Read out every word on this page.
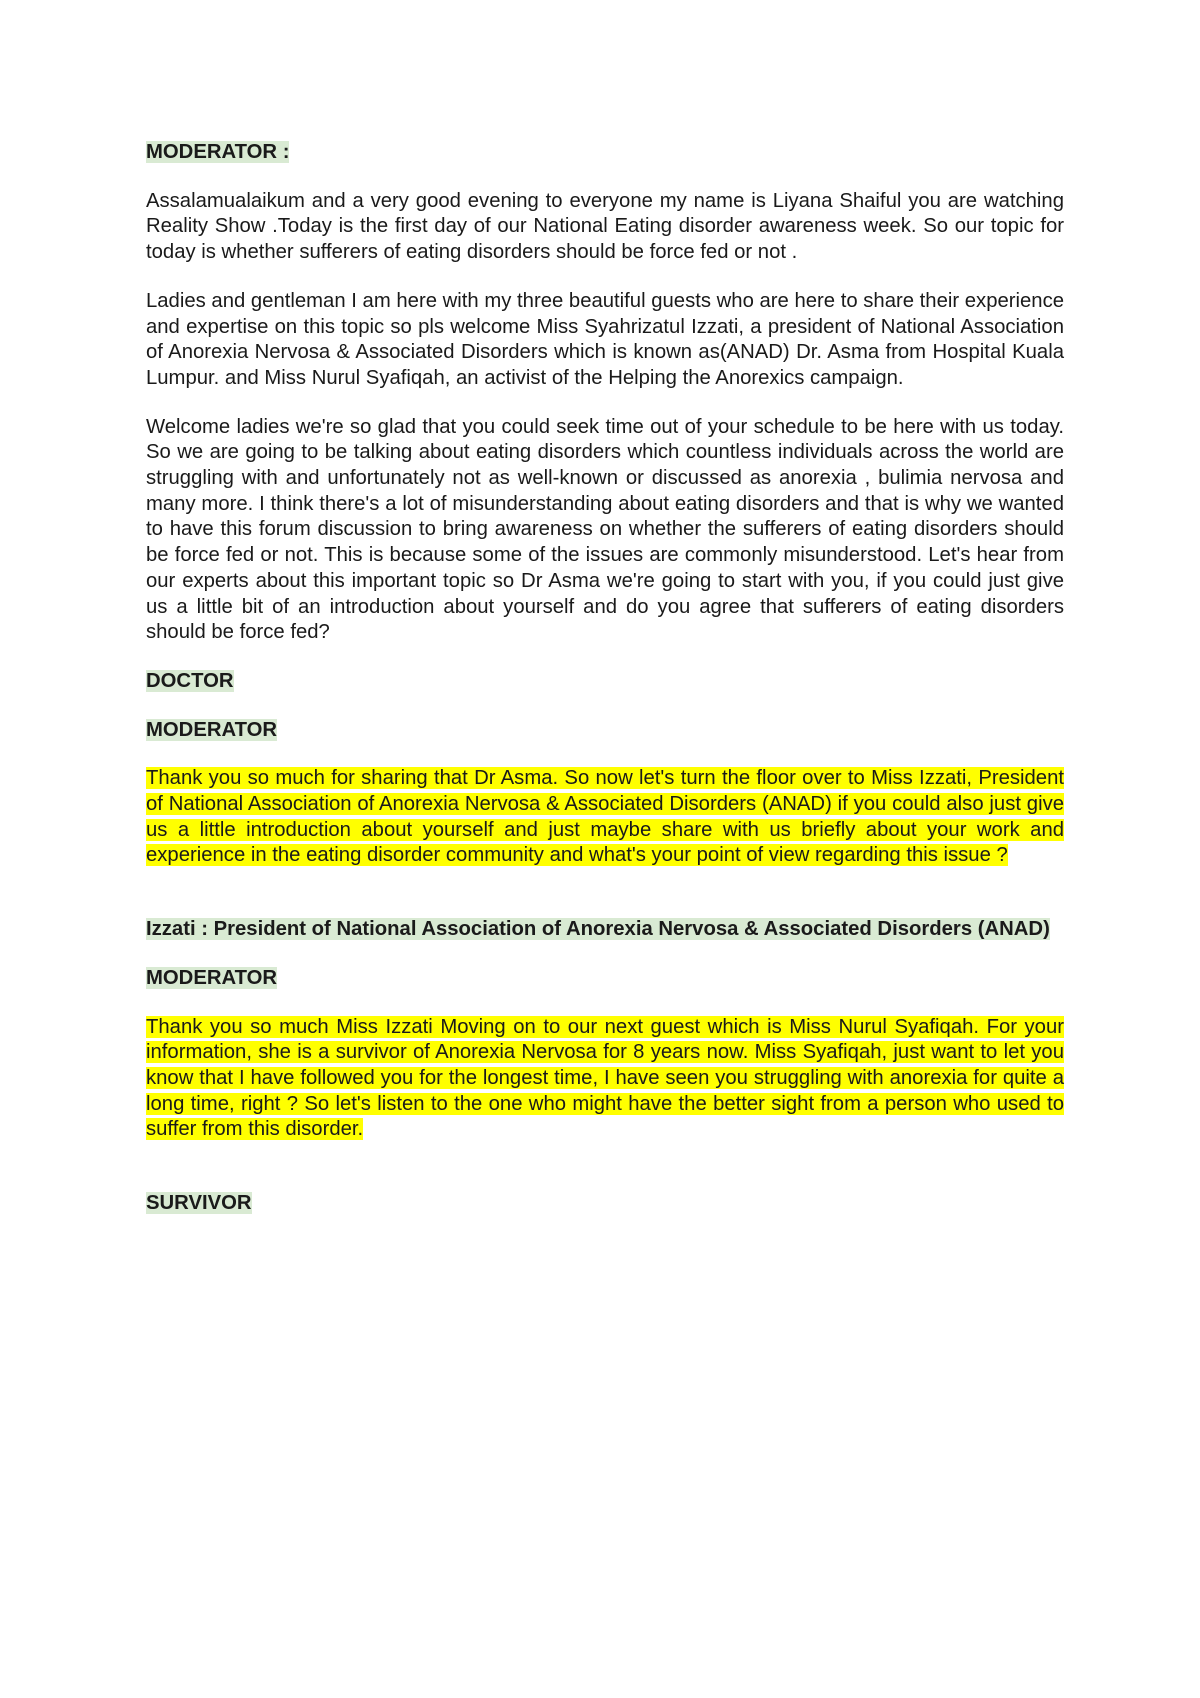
MODERATOR :

Assalamualaikum and a very good evening to everyone my name is Liyana Shaiful you are watching Reality Show .Today is the first day of our National Eating disorder awareness week. So our topic for today is whether sufferers of eating disorders should be force fed or not .

Ladies and gentleman I am here with my three beautiful guests who are here to share their experience and expertise on this topic so pls welcome Miss Syahrizatul Izzati, a president of National Association of Anorexia Nervosa & Associated Disorders which is known as(ANAD) Dr. Asma from Hospital Kuala Lumpur. and Miss Nurul Syafiqah, an activist of the Helping the Anorexics campaign.

Welcome ladies we're so glad that you could seek time out of your schedule to be here with us today. So we are going to be talking about eating disorders which countless individuals across the world are struggling with and unfortunately not as well-known or discussed as anorexia , bulimia nervosa and many more. I think there's a lot of misunderstanding about eating disorders and that is why we wanted to have this forum discussion to bring awareness on whether the sufferers of eating disorders should be force fed or not. This is because some of the issues are commonly misunderstood. Let's hear from our experts about this important topic so Dr Asma we're going to start with you, if you could just give us a little bit of an introduction about yourself and do you agree that sufferers of eating disorders should be force fed?

DOCTOR
MODERATOR

Thank you so much for sharing that Dr Asma. So now let's turn the floor over to Miss Izzati, President of National Association of Anorexia Nervosa & Associated Disorders (ANAD) if you could also just give us a little introduction about yourself and just maybe share with us briefly about your work and experience in the eating disorder community and what's your point of view regarding this issue ?

Izzati : President of National Association of Anorexia Nervosa & Associated Disorders (ANAD)
MODERATOR

Thank you so much Miss Izzati Moving on to our next guest which is Miss Nurul Syafiqah. For your information, she is a survivor of Anorexia Nervosa for 8 years now. Miss Syafiqah, just want to let you know that I have followed you for the longest time, I have seen you struggling with anorexia for quite a long time, right ? So let's listen to the one who might have the better sight from a person who used to suffer from this disorder.

SURVIVOR
